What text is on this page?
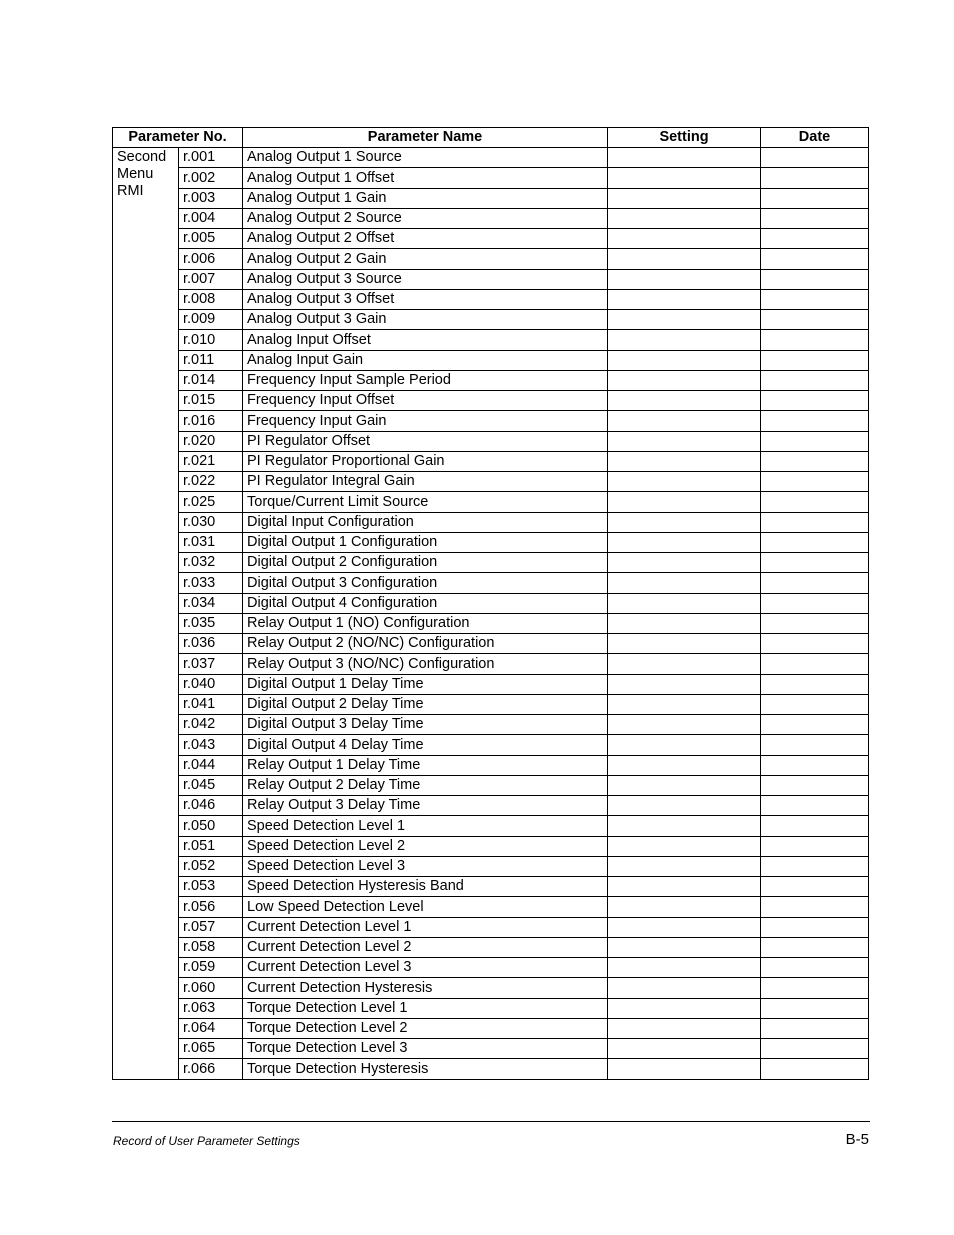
Parameter No.		Parameter Name	Setting	Date
Second Menu RMI	r.001	Analog Output 1 Source		
	r.002	Analog Output 1 Offset		
	r.003	Analog Output 1 Gain		
	r.004	Analog Output 2 Source		
	r.005	Analog Output 2 Offset		
	r.006	Analog Output 2 Gain		
	r.007	Analog Output 3 Source		
	r.008	Analog Output 3 Offset		
	r.009	Analog Output 3 Gain		
	r.010	Analog Input Offset		
	r.011	Analog Input Gain		
	r.014	Frequency Input Sample Period		
	r.015	Frequency Input Offset		
	r.016	Frequency Input Gain		
	r.020	PI Regulator Offset		
	r.021	PI Regulator Proportional Gain		
	r.022	PI Regulator Integral Gain		
	r.025	Torque/Current Limit Source		
	r.030	Digital Input Configuration		
	r.031	Digital Output 1 Configuration		
	r.032	Digital Output 2 Configuration		
	r.033	Digital Output 3 Configuration		
	r.034	Digital Output 4 Configuration		
	r.035	Relay Output 1 (NO) Configuration		
	r.036	Relay Output 2 (NO/NC) Configuration		
	r.037	Relay Output 3 (NO/NC) Configuration		
	r.040	Digital Output 1 Delay Time		
	r.041	Digital Output 2 Delay Time		
	r.042	Digital Output 3 Delay Time		
	r.043	Digital Output 4 Delay Time		
	r.044	Relay Output 1 Delay Time		
	r.045	Relay Output 2 Delay Time		
	r.046	Relay Output 3 Delay Time		
	r.050	Speed Detection Level 1		
	r.051	Speed Detection Level 2		
	r.052	Speed Detection Level 3		
	r.053	Speed Detection Hysteresis Band		
	r.056	Low Speed Detection Level		
	r.057	Current Detection Level 1		
	r.058	Current Detection Level 2		
	r.059	Current Detection Level 3		
	r.060	Current Detection Hysteresis		
	r.063	Torque Detection Level 1		
	r.064	Torque Detection Level 2		
	r.065	Torque Detection Level 3		
	r.066	Torque Detection Hysteresis		
Record of User Parameter Settings	B-5
